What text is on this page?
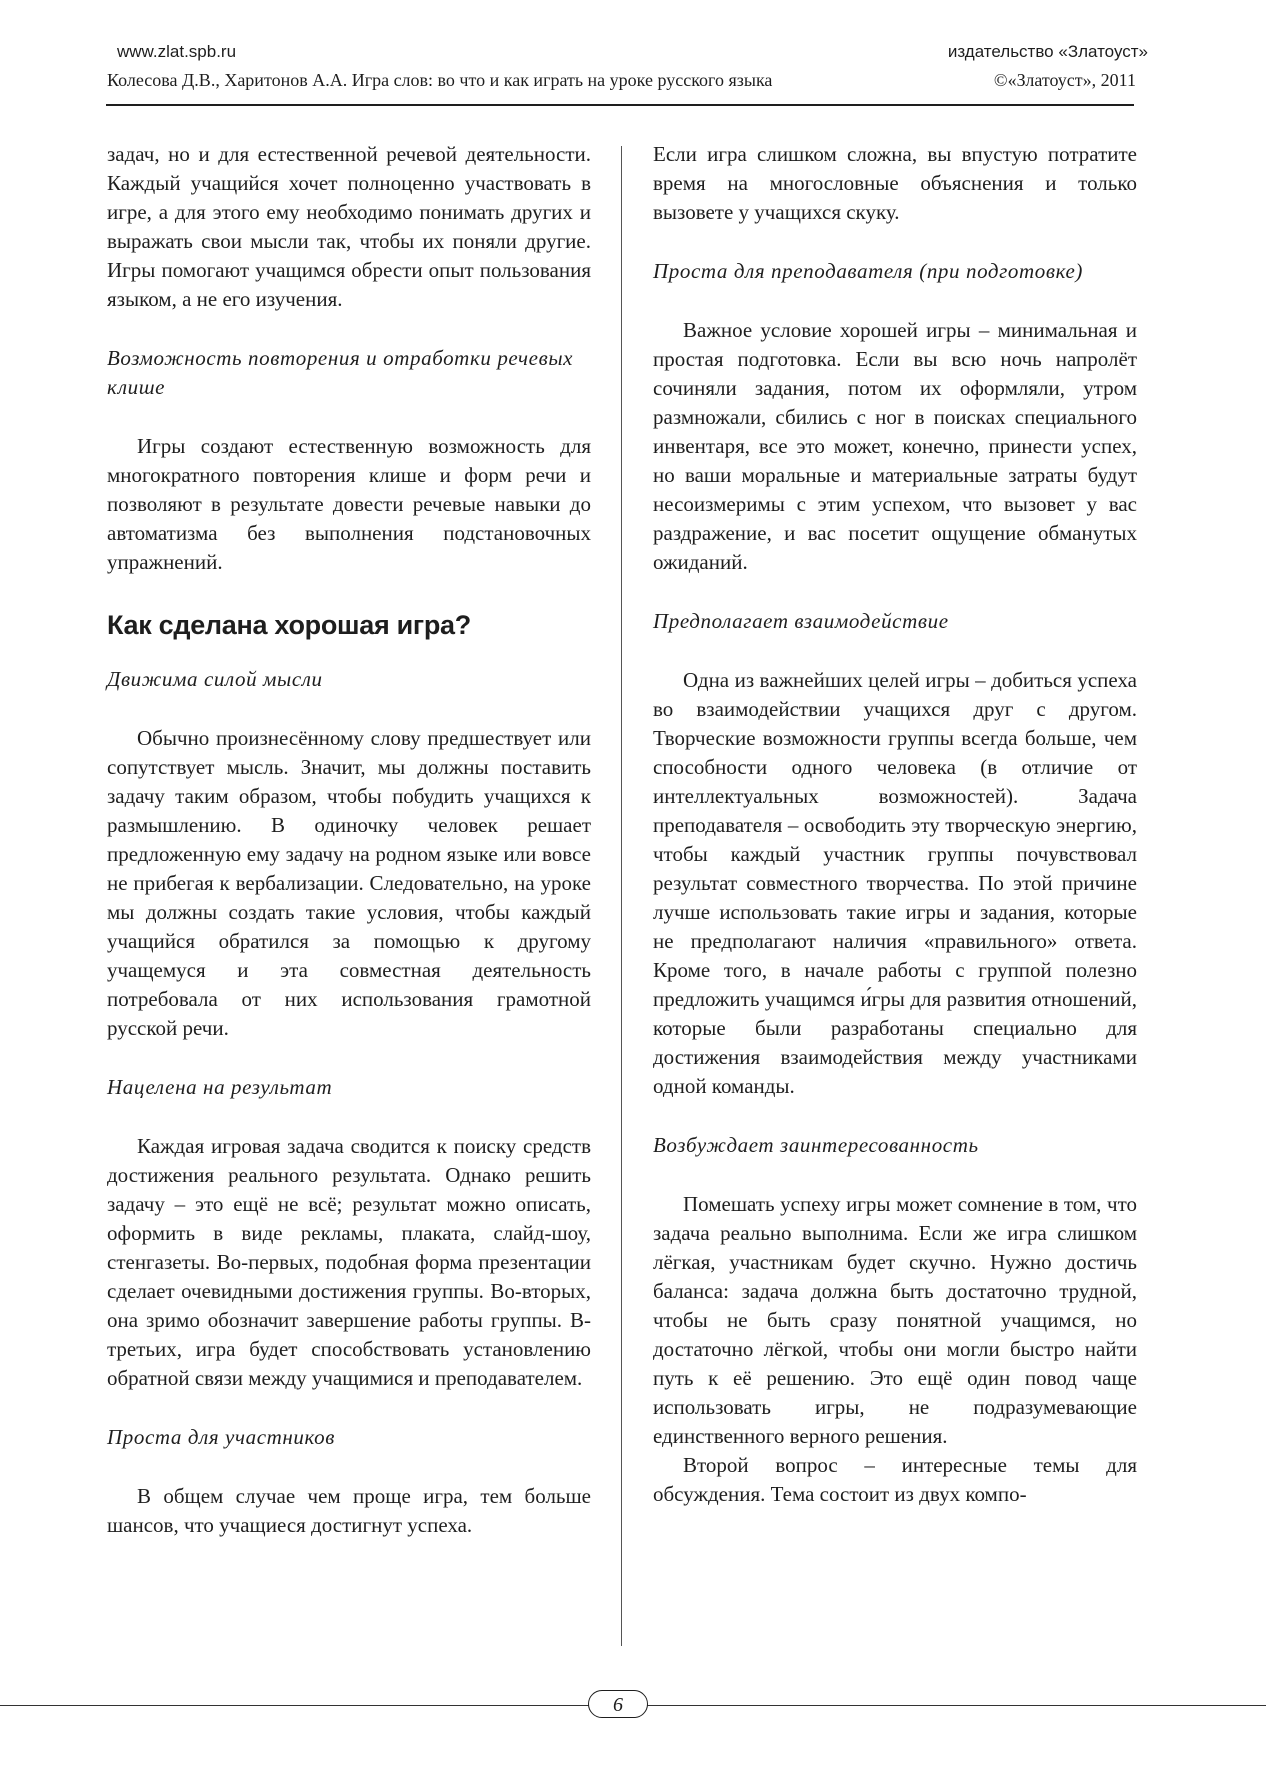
www.zlat.spb.ru	издательство «Златоуст»
Колесова Д.В., Харитонов А.А. Игра слов: во что и как играть на уроке русского языка	©«Златоуст», 2011

задач, но и для естественной речевой деятельности. Каждый учащийся хочет полноценно участвовать в игре, а для этого ему необходимо понимать других и выражать свои мысли так, чтобы их поняли другие. Игры помогают учащимся обрести опыт пользования языком, а не его изучения.

Возможность повторения и отработки речевых клише

Игры создают естественную возможность для многократного повторения клише и форм речи и позволяют в результате довести речевые навыки до автоматизма без выполнения подстановочных упражнений.

Как сделана хорошая игра?

Движима силой мысли

Обычно произнесённому слову предшествует или сопутствует мысль. Значит, мы должны поставить задачу таким образом, чтобы побудить учащихся к размышлению. В одиночку человек решает предложенную ему задачу на родном языке или вовсе не прибегая к вербализации. Следовательно, на уроке мы должны создать такие условия, чтобы каждый учащийся обратился за помощью к другому учащемуся и эта совместная деятельность потребовала от них использования грамотной русской речи.

Нацелена на результат

Каждая игровая задача сводится к поиску средств достижения реального результата. Однако решить задачу – это ещё не всё; результат можно описать, оформить в виде рекламы, плаката, слайд-шоу, стенгазеты. Во-первых, подобная форма презентации сделает очевидными достижения группы. Во-вторых, она зримо обозначит завершение работы группы. В-третьих, игра будет способствовать установлению обратной связи между учащимися и преподавателем.

Проста для участников

В общем случае чем проще игра, тем больше шансов, что учащиеся достигнут успеха.

Если игра слишком сложна, вы впустую потратите время на многословные объяснения и только вызовете у учащихся скуку.

Проста для преподавателя (при подготовке)

Важное условие хорошей игры – минимальная и простая подготовка. Если вы всю ночь напролёт сочиняли задания, потом их оформляли, утром размножали, сбились с ног в поисках специального инвентаря, все это может, конечно, принести успех, но ваши моральные и материальные затраты будут несоизмеримы с этим успехом, что вызовет у вас раздражение, и вас посетит ощущение обманутых ожиданий.

Предполагает взаимодействие

Одна из важнейших целей игры – добиться успеха во взаимодействии учащихся друг с другом. Творческие возможности группы всегда больше, чем способности одного человека (в отличие от интеллектуальных возможностей). Задача преподавателя – освободить эту творческую энергию, чтобы каждый участник группы почувствовал результат совместного творчества. По этой причине лучше использовать такие игры и задания, которые не предполагают наличия «правильного» ответа. Кроме того, в начале работы с группой полезно предложить учащимся и́гры для развития отношений, которые были разработаны специально для достижения взаимодействия между участниками одной команды.

Возбуждает заинтересованность

Помешать успеху игры может сомнение в том, что задача реально выполнима. Если же игра слишком лёгкая, участникам будет скучно. Нужно достичь баланса: задача должна быть достаточно трудной, чтобы не быть сразу понятной учащимся, но достаточно лёгкой, чтобы они могли быстро найти путь к её решению. Это ещё один повод чаще использовать игры, не подразумевающие единственного верного решения.

Второй вопрос – интересные темы для обсуждения. Тема состоит из двух компо-

6
